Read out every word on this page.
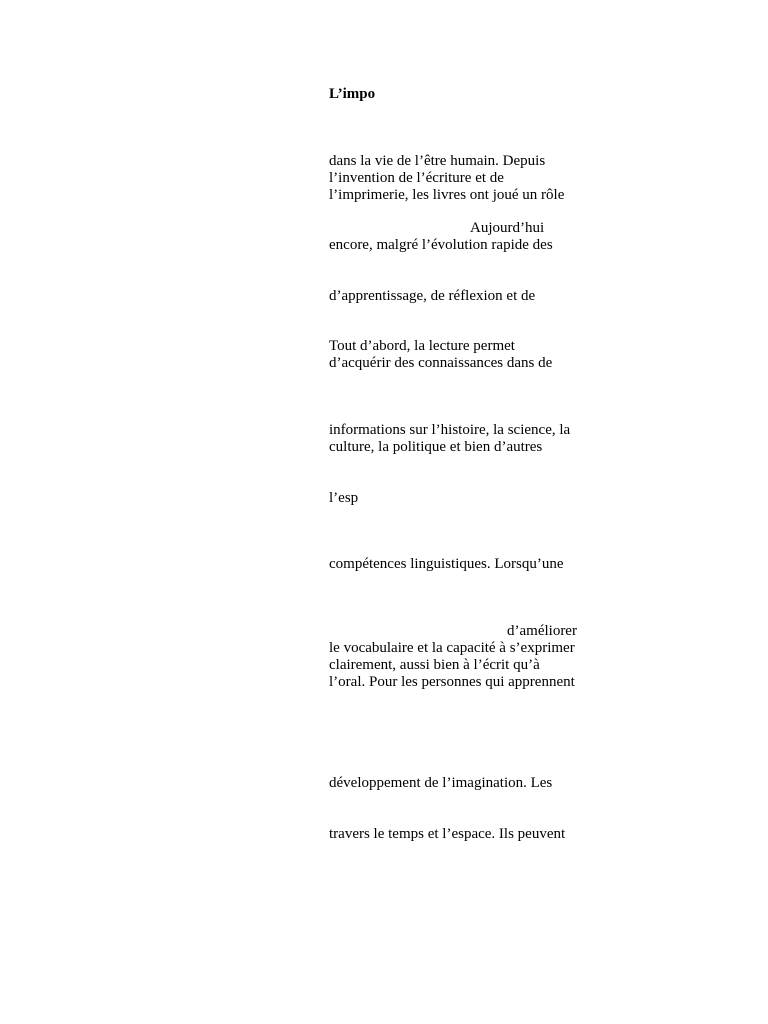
L’impo
dans la vie de l’être humain. Depuis
l’invention de l’écriture et de
l’imprimerie, les livres ont joué un rôle
Aujourd’hui
encore, malgré l’évolution rapide des
d’apprentissage, de réflexion et de
Tout d’abord, la lecture permet
d’acquérir des connaissances dans de
informations sur l’histoire, la science, la
culture, la politique et bien d’autres
l’esp
compétences linguistiques. Lorsqu’une
d’améliorer
le vocabulaire et la capacité à s’exprimer
clairement, aussi bien à l’écrit qu’à
l’oral. Pour les personnes qui apprennent
développement de l’imagination. Les
travers le temps et l’espace. Ils peuvent
